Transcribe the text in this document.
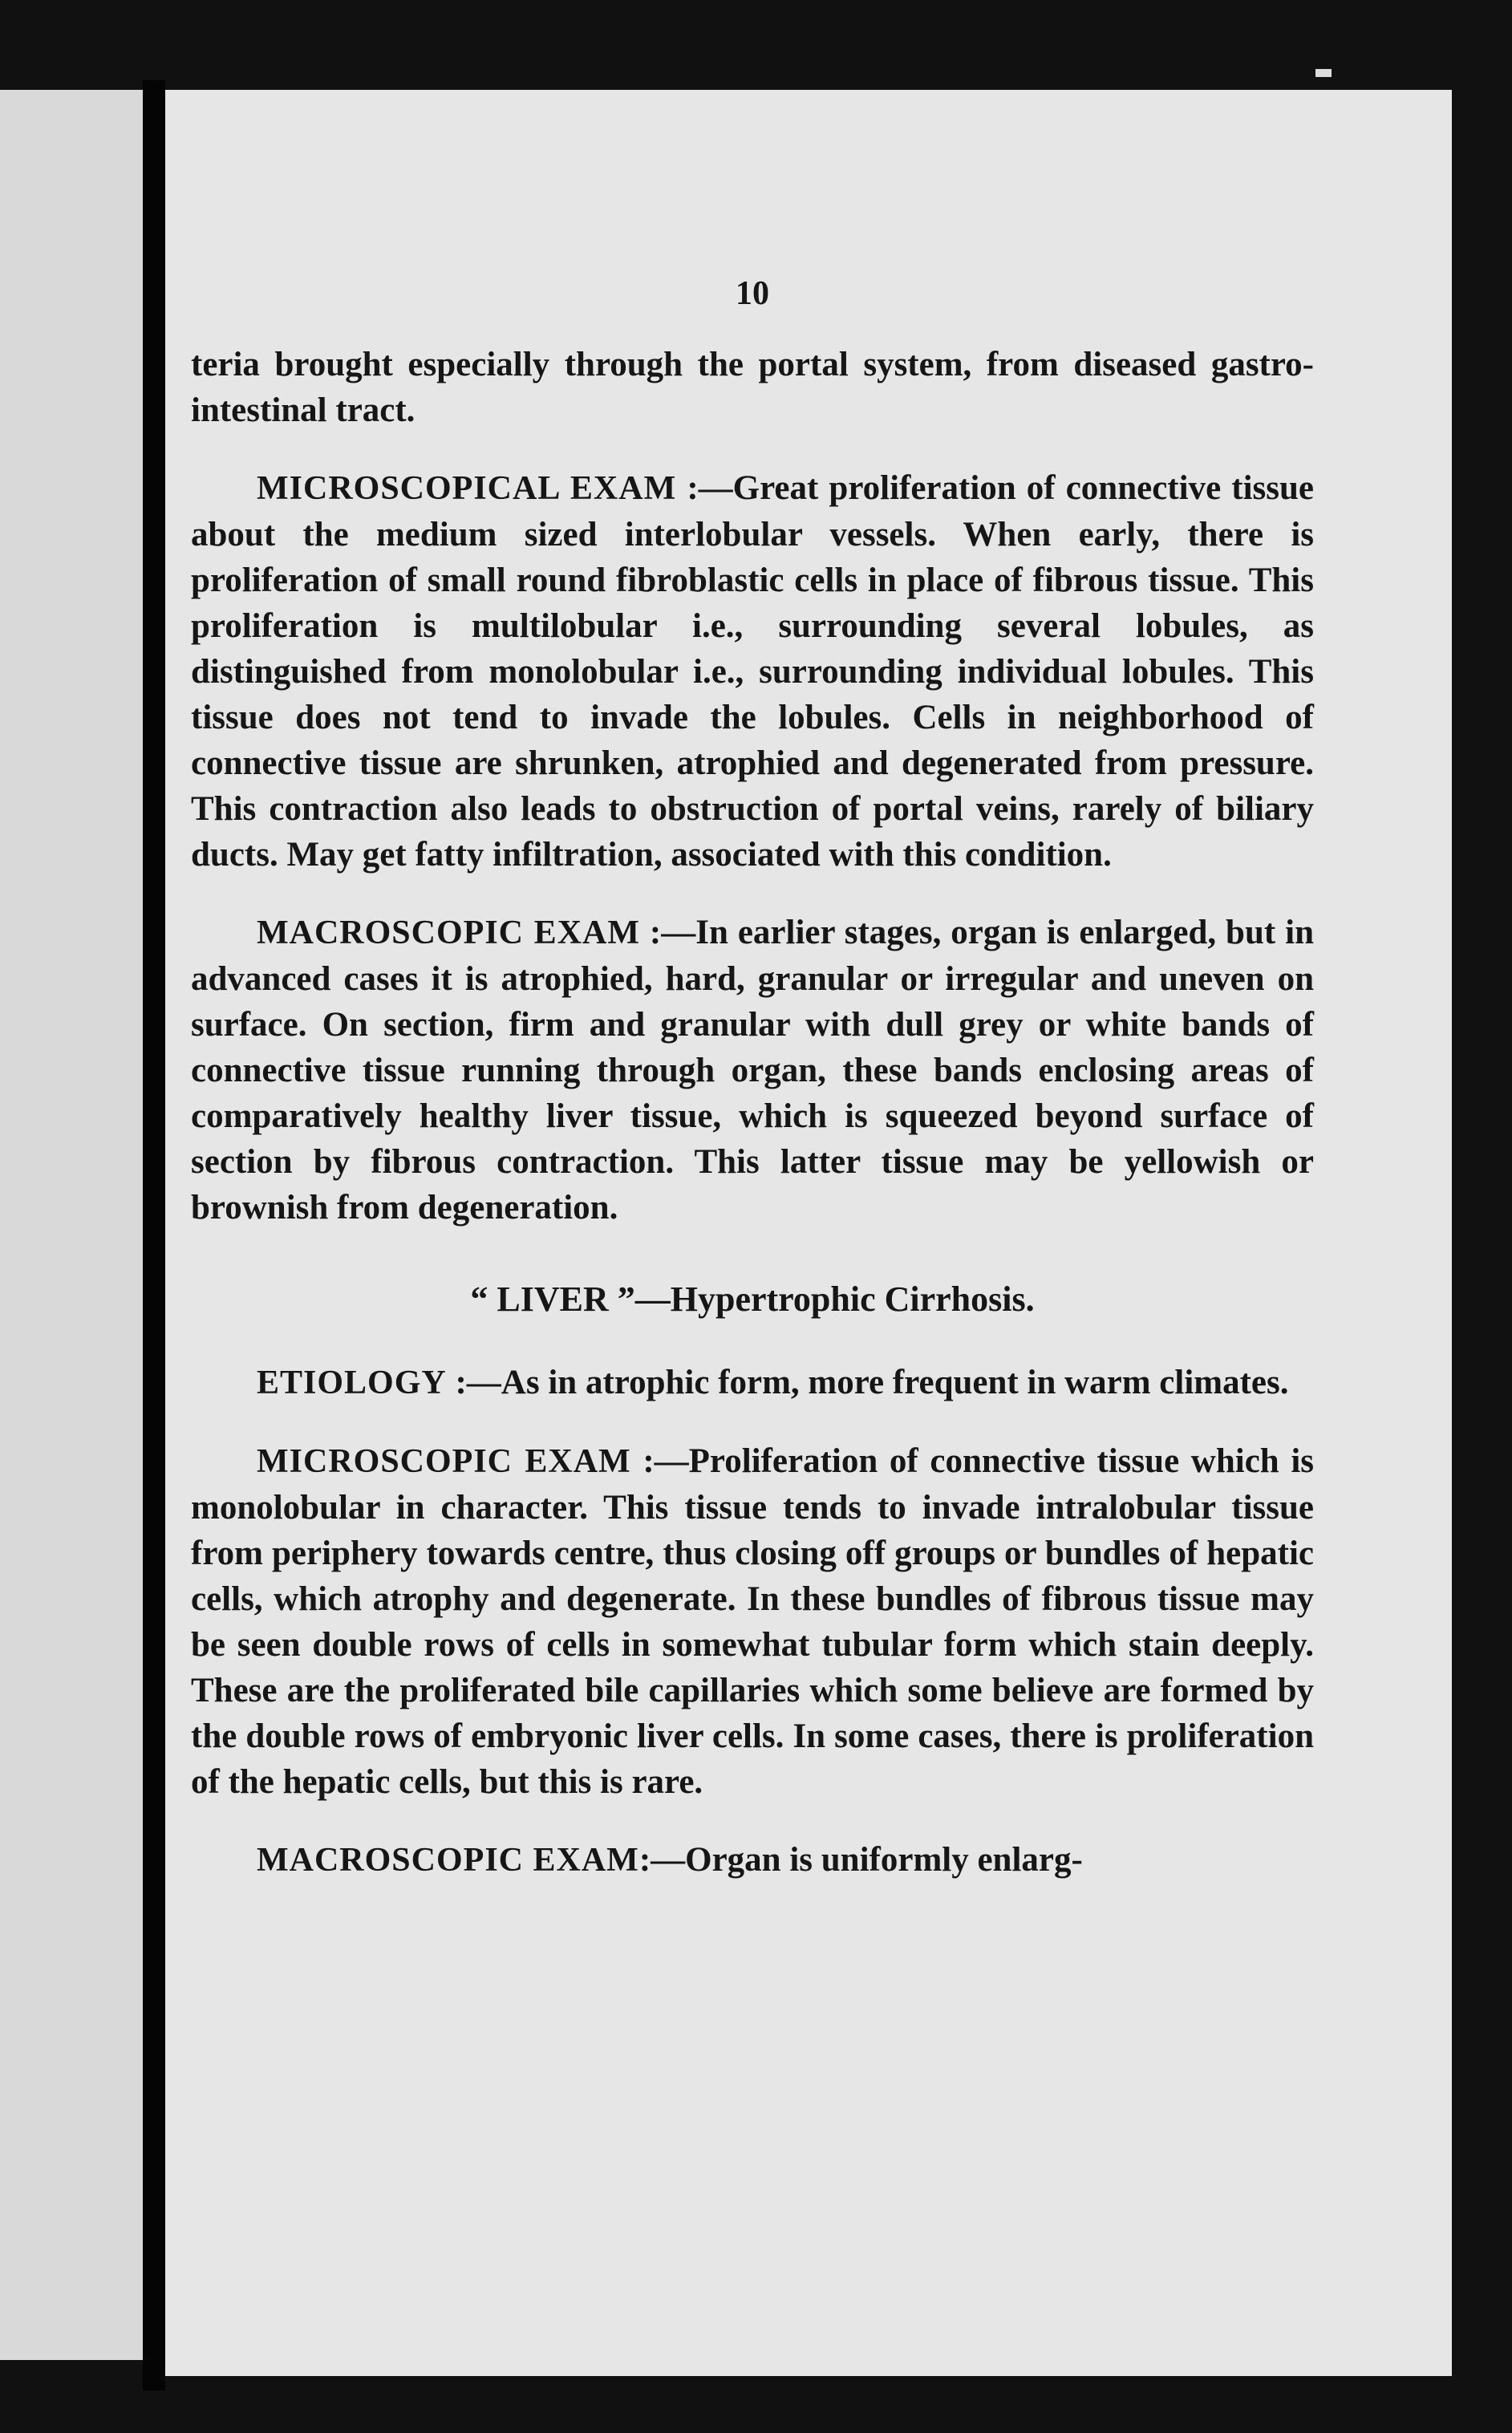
10

teria brought especially through the portal system, from diseased gastro-intestinal tract.

MICROSCOPICAL EXAM :—Great proliferation of connective tissue about the medium sized interlobular vessels. When early, there is proliferation of small round fibroblastic cells in place of fibrous tissue. This proliferation is multilobular i.e., surrounding several lobules, as distinguished from monolobular i.e., surrounding individual lobules. This tissue does not tend to invade the lobules. Cells in neighborhood of connective tissue are shrunken, atrophied and degenerated from pressure. This contraction also leads to obstruction of portal veins, rarely of biliary ducts. May get fatty infiltration, associated with this condition.

MACROSCOPIC EXAM :—In earlier stages, organ is enlarged, but in advanced cases it is atrophied, hard, granular or irregular and uneven on surface. On section, firm and granular with dull grey or white bands of connective tissue running through organ, these bands enclosing areas of comparatively healthy liver tissue, which is squeezed beyond surface of section by fibrous contraction. This latter tissue may be yellowish or brownish from degeneration.

“ LIVER ”—Hypertrophic Cirrhosis.

ETIOLOGY :—As in atrophic form, more frequent in warm climates.

MICROSCOPIC EXAM :—Proliferation of connective tissue which is monolobular in character. This tissue tends to invade intralobular tissue from periphery towards centre, thus closing off groups or bundles of hepatic cells, which atrophy and degenerate. In these bundles of fibrous tissue may be seen double rows of cells in somewhat tubular form which stain deeply. These are the proliferated bile capillaries which some believe are formed by the double rows of embryonic liver cells. In some cases, there is proliferation of the hepatic cells, but this is rare.

MACROSCOPIC EXAM:—Organ is uniformly enlarg-
